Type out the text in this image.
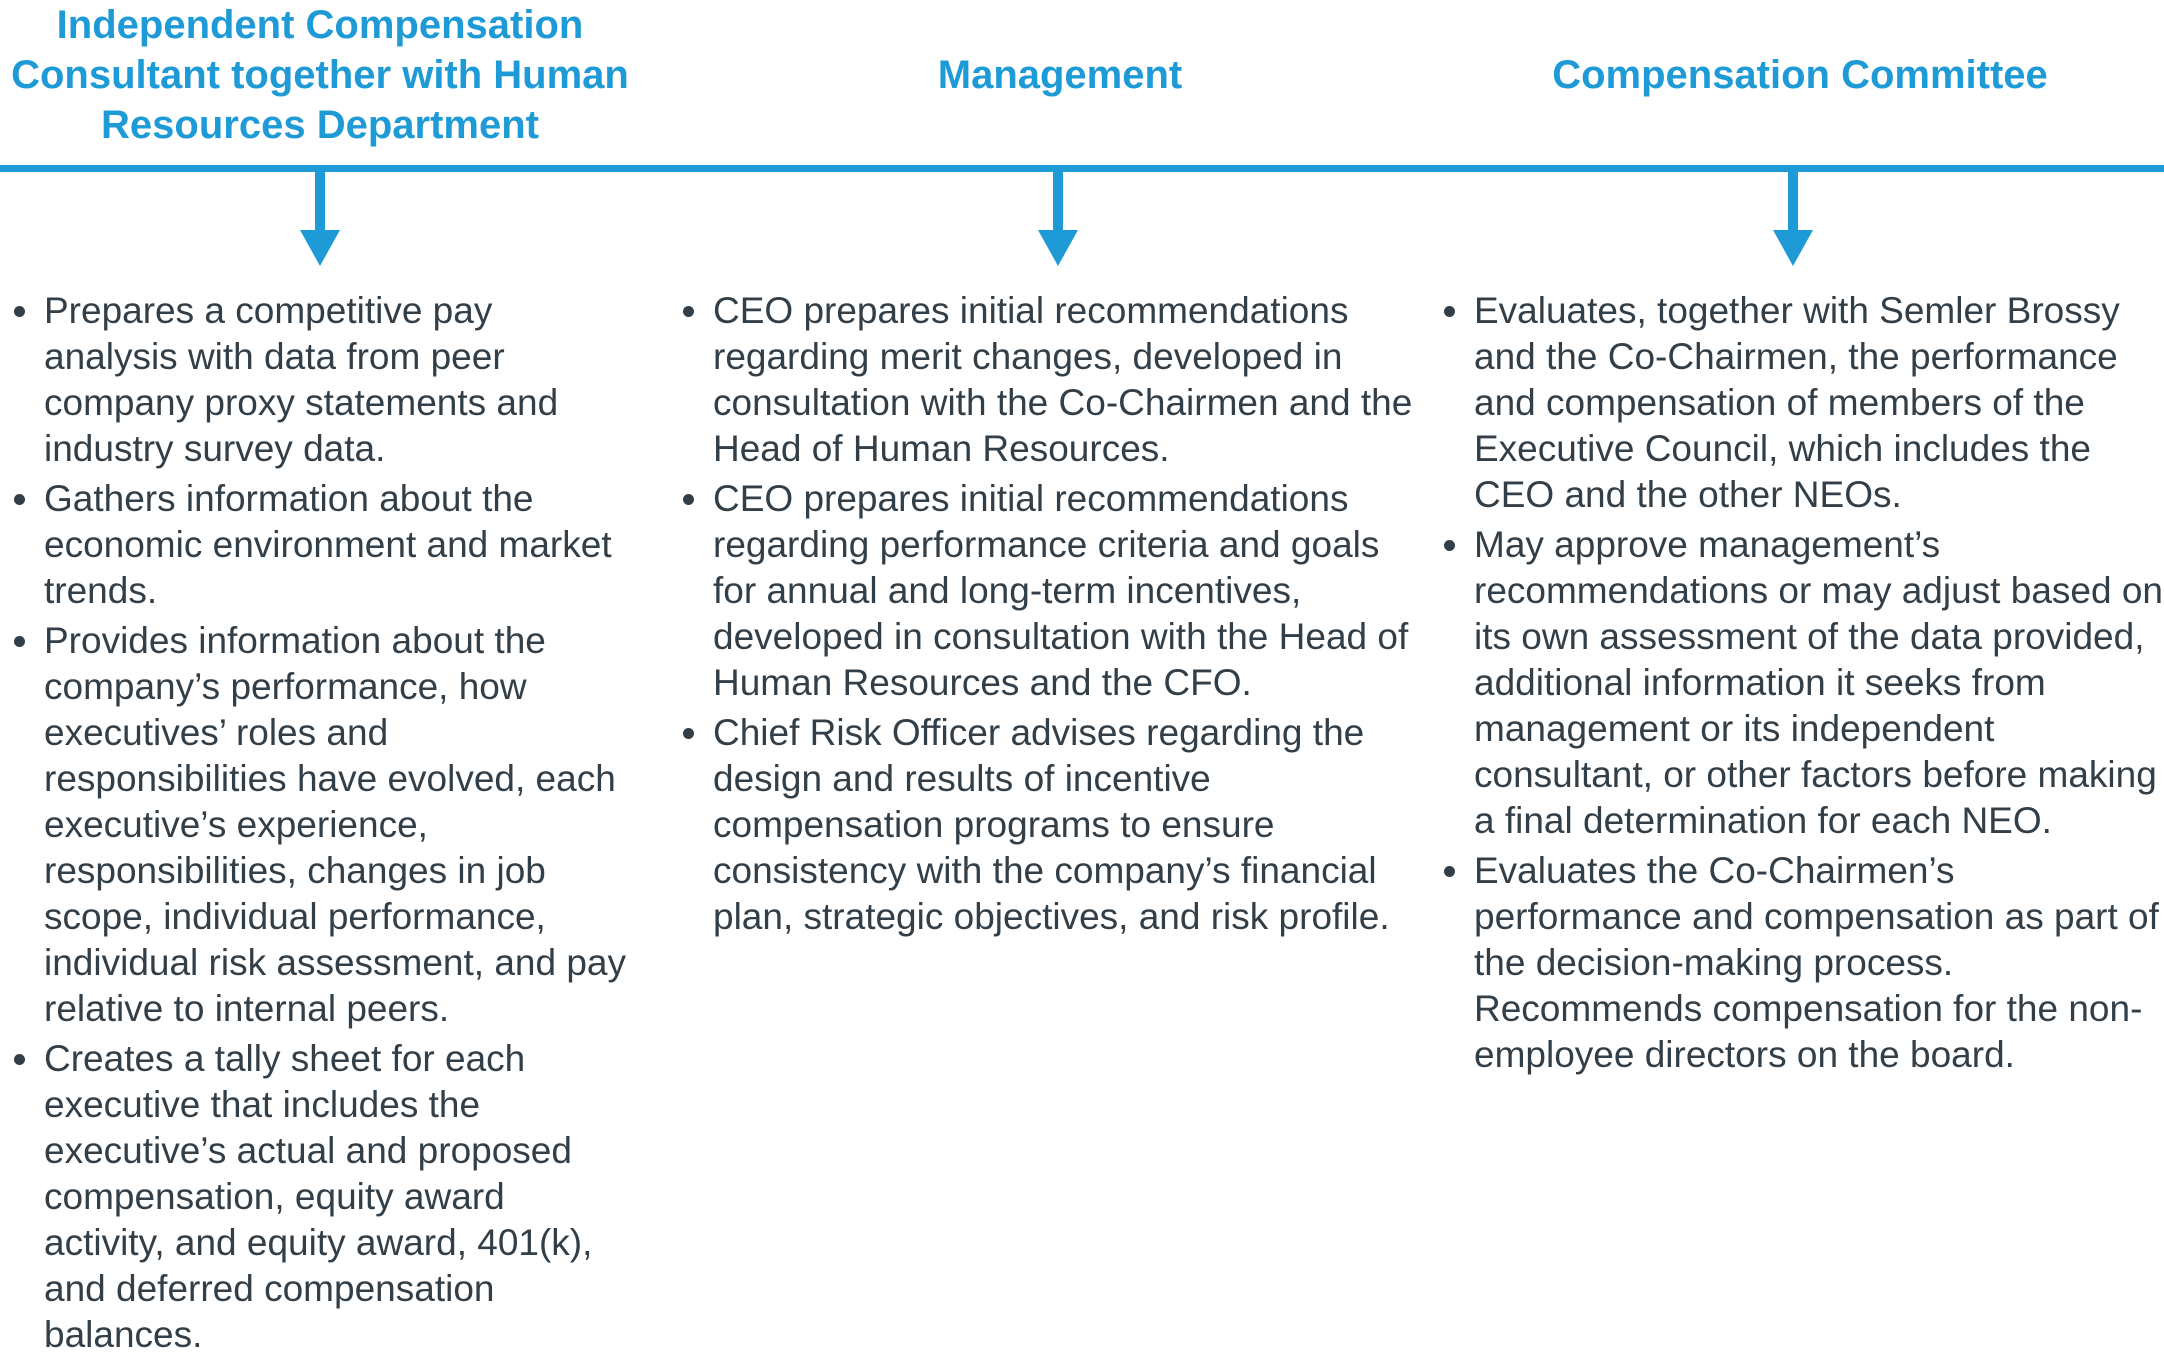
Independent Compensation Consultant together with Human Resources Department
Management	Compensation Committee
Prepares a competitive pay analysis with data from peer company proxy statements and industry survey data.
Gathers information about the economic environment and market trends.
Provides information about the company’s performance, how executives’ roles and responsibilities have evolved, each executive’s experience, responsibilities, changes in job scope, individual performance, individual risk assessment, and pay relative to internal peers.
Creates a tally sheet for each executive that includes the executive’s actual and proposed compensation, equity award activity, and equity award, 401(k), and deferred compensation balances.
CEO prepares initial recommendations regarding merit changes, developed in consultation with the Co-Chairmen and the Head of Human Resources.
CEO prepares initial recommendations regarding performance criteria and goals for annual and long-term incentives, developed in consultation with the Head of Human Resources and the CFO.
Chief Risk Officer advises regarding the design and results of incentive compensation programs to ensure consistency with the company’s financial plan, strategic objectives, and risk profile.
Evaluates, together with Semler Brossy and the Co-Chairmen, the performance and compensation of members of the Executive Council, which includes the CEO and the other NEOs.
May approve management’s recommendations or may adjust based on its own assessment of the data provided, additional information it seeks from management or its independent consultant, or other factors before making a final determination for each NEO.
Evaluates the Co-Chairmen’s performance and compensation as part of the decision-making process. Recommends compensation for the non-employee directors on the board.
